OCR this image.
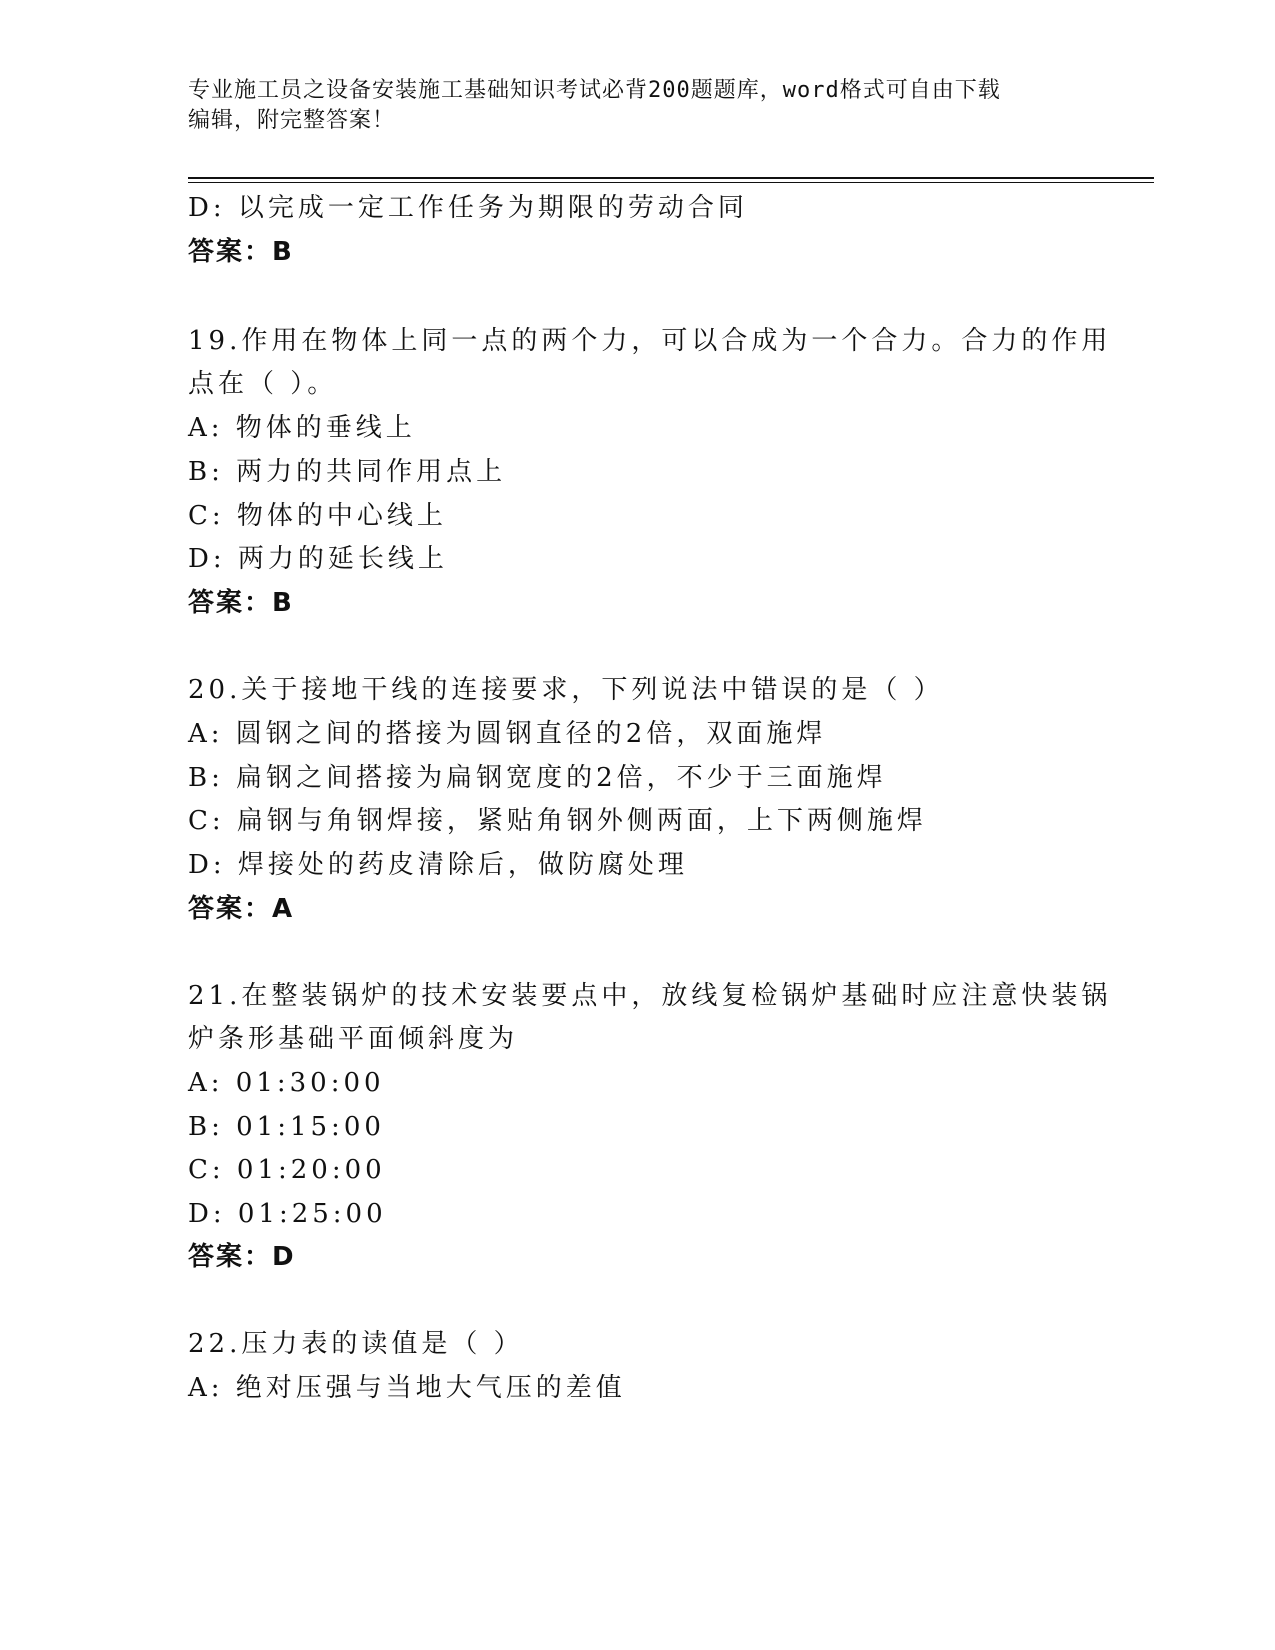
专业施工员之设备安装施工基础知识考试必背200题题库，word格式可自由下载
编辑，附完整答案！
D: 以完成一定工作任务为期限的劳动合同
答案：B
19.作用在物体上同一点的两个力，可以合成为一个合力。合力的作用
点在（ ）。
A: 物体的垂线上
B: 两力的共同作用点上
C: 物体的中心线上
D: 两力的延长线上
答案：B
20.关于接地干线的连接要求，下列说法中错误的是（ ）
A: 圆钢之间的搭接为圆钢直径的2倍，双面施焊
B: 扁钢之间搭接为扁钢宽度的2倍，不少于三面施焊
C: 扁钢与角钢焊接，紧贴角钢外侧两面，上下两侧施焊
D: 焊接处的药皮清除后，做防腐处理
答案：A
21.在整装锅炉的技术安装要点中，放线复检锅炉基础时应注意快装锅
炉条形基础平面倾斜度为
A: 01:30:00
B: 01:15:00
C: 01:20:00
D: 01:25:00
答案：D
22.压力表的读值是（ ）
A: 绝对压强与当地大气压的差值
